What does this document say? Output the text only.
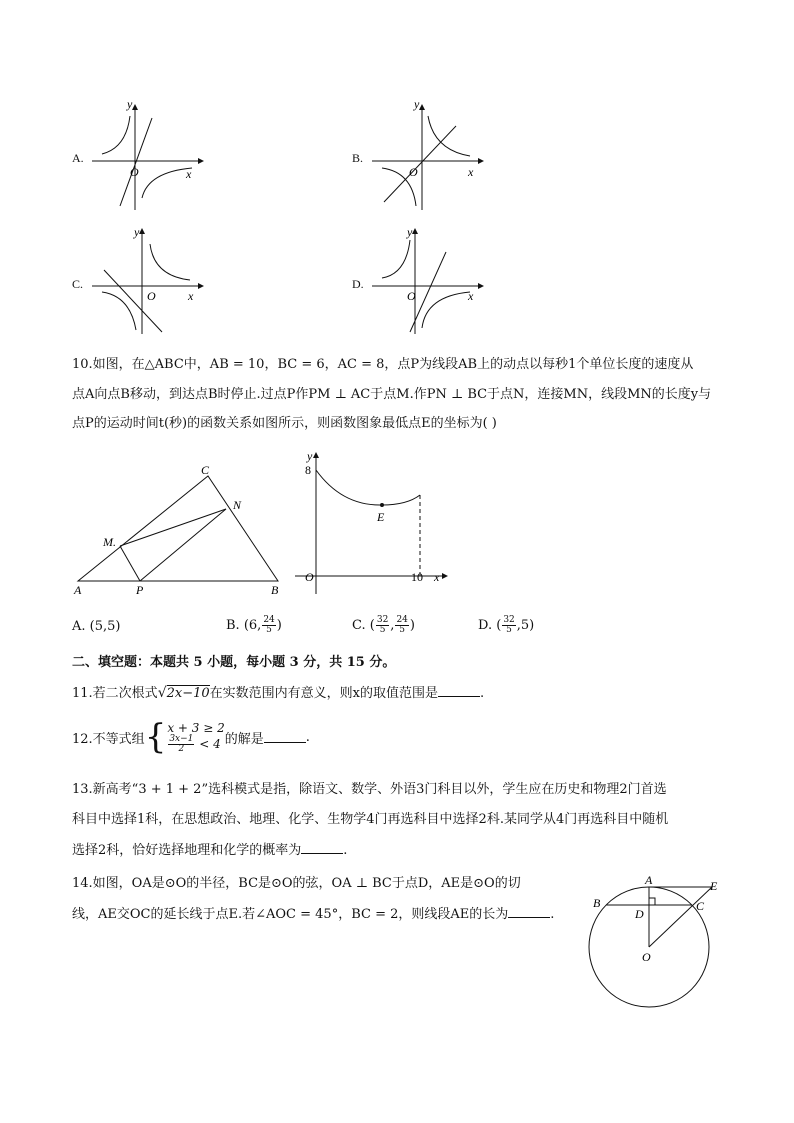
A.
y
x
O
B.
y
x
O
C.
y
x
O
D.
y
x
O
10.如图，在△ABC中，AB = 10，BC = 6，AC = 8，点P为线段AB上的动点以每秒1个单位长度的速度从
点A向点B移动，到达点B时停止.过点P作PM ⊥ AC于点M.作PN ⊥ BC于点N，连接MN，线段MN的长度y与
点P的运动时间t(秒)的函数关系如图所示，则函数图象最低点E的坐标为( )
A	B
C
M.
N
P
y
x
O
8
10
E
A. (5,5)	B. (6, $\frac{24}{5}$ )	C. ( $\frac{32}{5}$ , $\frac{24}{5}$ )	D. ( $\frac{32}{5} ,5$)
二、填空题：本题共 5 小题，每小题 3 分，共 15 分。
11.若二次根式√2x−10在实数范围内有意义，则x的取值范围是	.
12.不等式组 { x + 3 ≥ 2
$\frac{3x-1}{2}$
< 4 的解是	.
13.新高考“3 + 1 + 2”选科模式是指，除语文、数学、外语3门科目以外，学生应在历史和物理2门首选
科目中选择1科，在思想政治、地理、化学、生物学4门再选科目中选择2科.某同学从4门再选科目中随机
选择2科，恰好选择地理和化学的概率为	.
14.如图，OA是⊙O的半径，BC是⊙O的弦，OA ⊥ BC于点D，AE是⊙O的切
线，AE交OC的延长线于点E.若∠AOC = 45°，BC = 2，则线段AE的长为	.
A
B	C
D
E
O
